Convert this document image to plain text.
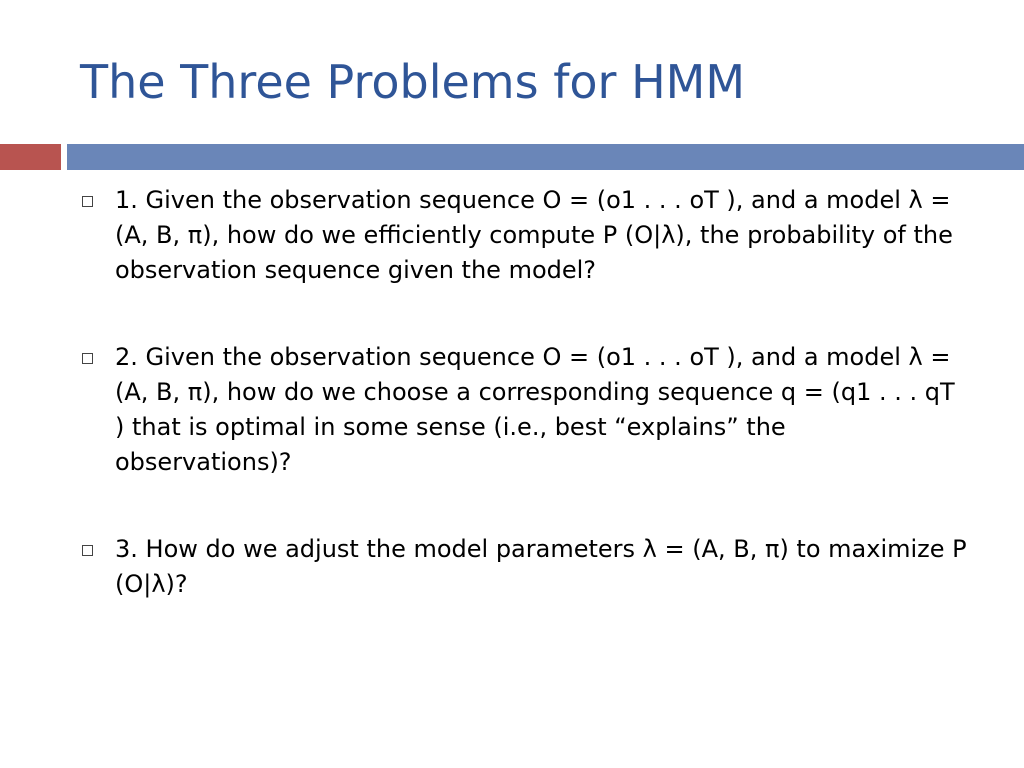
The Three Problems for HMM
1. Given the observation sequence O = (o1 . . . oT ), and a model λ = (A, B, π), how do we eﬃciently compute P (O|λ), the probability of the observation sequence given the model?
2. Given the observation sequence O = (o1 . . . oT ), and a model λ = (A, B, π), how do we choose a corresponding sequence q = (q1 . . . qT ) that is optimal in some sense (i.e., best “explains” the observations)?
3. How do we adjust the model parameters λ = (A, B, π) to maximize P (O|λ)?
